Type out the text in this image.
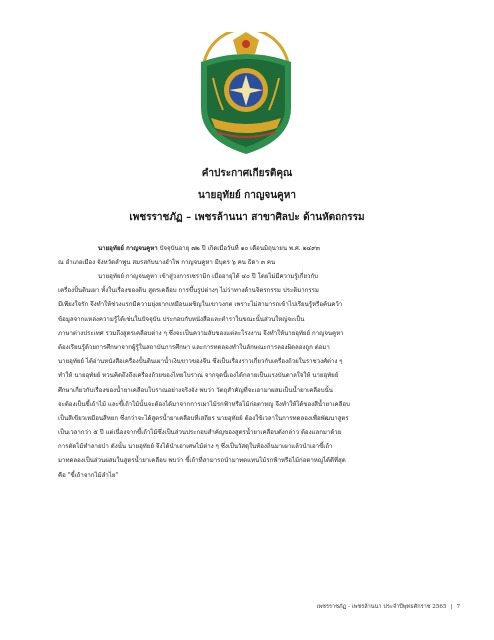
คำประกาศเกียรติคุณ
นายอุทัยย์ กาญจนคูหา
เพชรราชภัฏ – เพชรล้านนา สาขาศิลปะ ด้านหัตถกรรม
นายอุทัยย์ กาญจนคูหา ปัจจุบันอายุ ๗๒ ปี เกิดเมื่อวันที่ ๑๐ เดือนมิถุนายน พ.ศ. ๒๔๙๓
ณ อำเภอเมือง จังหวัดลำพูน สมรสกับนางอำไพ กาญจนคูหา มีบุตร ๖ คน ธิดา ๓ คน
นายอุทัยย์ กาญจนคูหา เข้าสู่วงการเซรามิก เมื่ออายุได้ ๔๐ ปี โดยไม่มีความรู้เกี่ยวกับ
เครื่องปั้นดินเผา ทั้งในเรื่องของดิน สูตรเคลือบ การขึ้นรูปต่างๆ ไม่ว่าทางด้านจิตรกรรม ประติมากรรม
มีเพียงใจรัก จึงทำให้ช่วงแรกมีความยุ่งยากเหมือนเผชิญในเขาวงกต เพราะไม่สามารถเข้าไปเรียนรู้หรือค้นคว้า
ข้อมูลจากแหล่งความรู้ได้เช่นในปัจจุบัน ประกอบกับหนังสือและตำราในขณะนั้นส่วนใหญ่จะเป็น
ภาษาต่างประเทศ รวมถึงสูตรเคลือบต่าง ๆ ซึ่งจะเป็นความลับของแต่ละโรงงาน จึงทำให้นายอุทัยย์ กาญจนคูหา
ต้องเรียนรู้ด้วยการศึกษาจากผู้รู้ในสถาบันการศึกษา และการทดลองทำในลักษณะการลองผิดลองถูก ต่อมา
นายอุทัยย์ ได้อ่านหนังสือเครื่องปั้นดินเผาน้ำเงินขาวของจีน ซึ่งเป็นเรื่องราวเกี่ยวกับเครื่องถ้วยในราชวงศ์ต่าง ๆ
ทำให้ นายอุทัยย์ หวนคิดถึงถึงเครื่องถ้วยของไทยโบราณ จากจุดนี้เองได้กลายเป็นแรงบันดาลใจให้ นายอุทัยย์
ศึกษาเกี่ยวกับเรื่องของน้ำยาเคลือบโบราณอย่างจริงจัง พบว่า วัตถุสำคัญที่จะเอามาผสมเป็นน้ำยาเคลือบนั้น
จะต้องเป็นขี้เถ้าไม้ และขี้เถ้าไม้นั้นจะต้องได้มาจากการเผาไม้รกฟ้าหรือไม้ก่อตาหญู จึงทำให้ได้ของสีน้ำยาเคลือบ
เป็นสีเขียวเหมือนสีหยก ซึ่งกว่าจะได้สูตรน้ำยาเคลือบที่เสถียร นายอุทัยย์ ต้องใช้เวลาในการทดลองเพื่อพัฒนาสูตร
เป็นเวลากว่า ๕ ปี แต่เนื่องจากขี้เถ้าไม้ซึ่งเป็นส่วนประกอบสำคัญของสูตรน้ำยาเคลือบดังกล่าว ต้องแลกมาด้วย
การตัดไม้ทำลายป่า ดังนั้น นายอุทัยย์ จึงได้นำเอาเศษไม้ต่าง ๆ ซึ่งเป็นวัสดุในท้องถิ่นมาเผาแล้วนำเอาขี้เถ้า
มาทดลองเป็นส่วนผสมในสูตรน้ำยาเคลือบ พบว่า ขี้เถ้าที่สามารถนำมาทดแทนไม้รกฟ้าหรือไม้ก่อตาหญูได้ดีที่สุด
คือ "ขี้เถ้าจากไม้ลำไย"
เพชรราชภัฏ - เพชรล้านนา ประจำปีพุทธศักราช 2565 | 7
